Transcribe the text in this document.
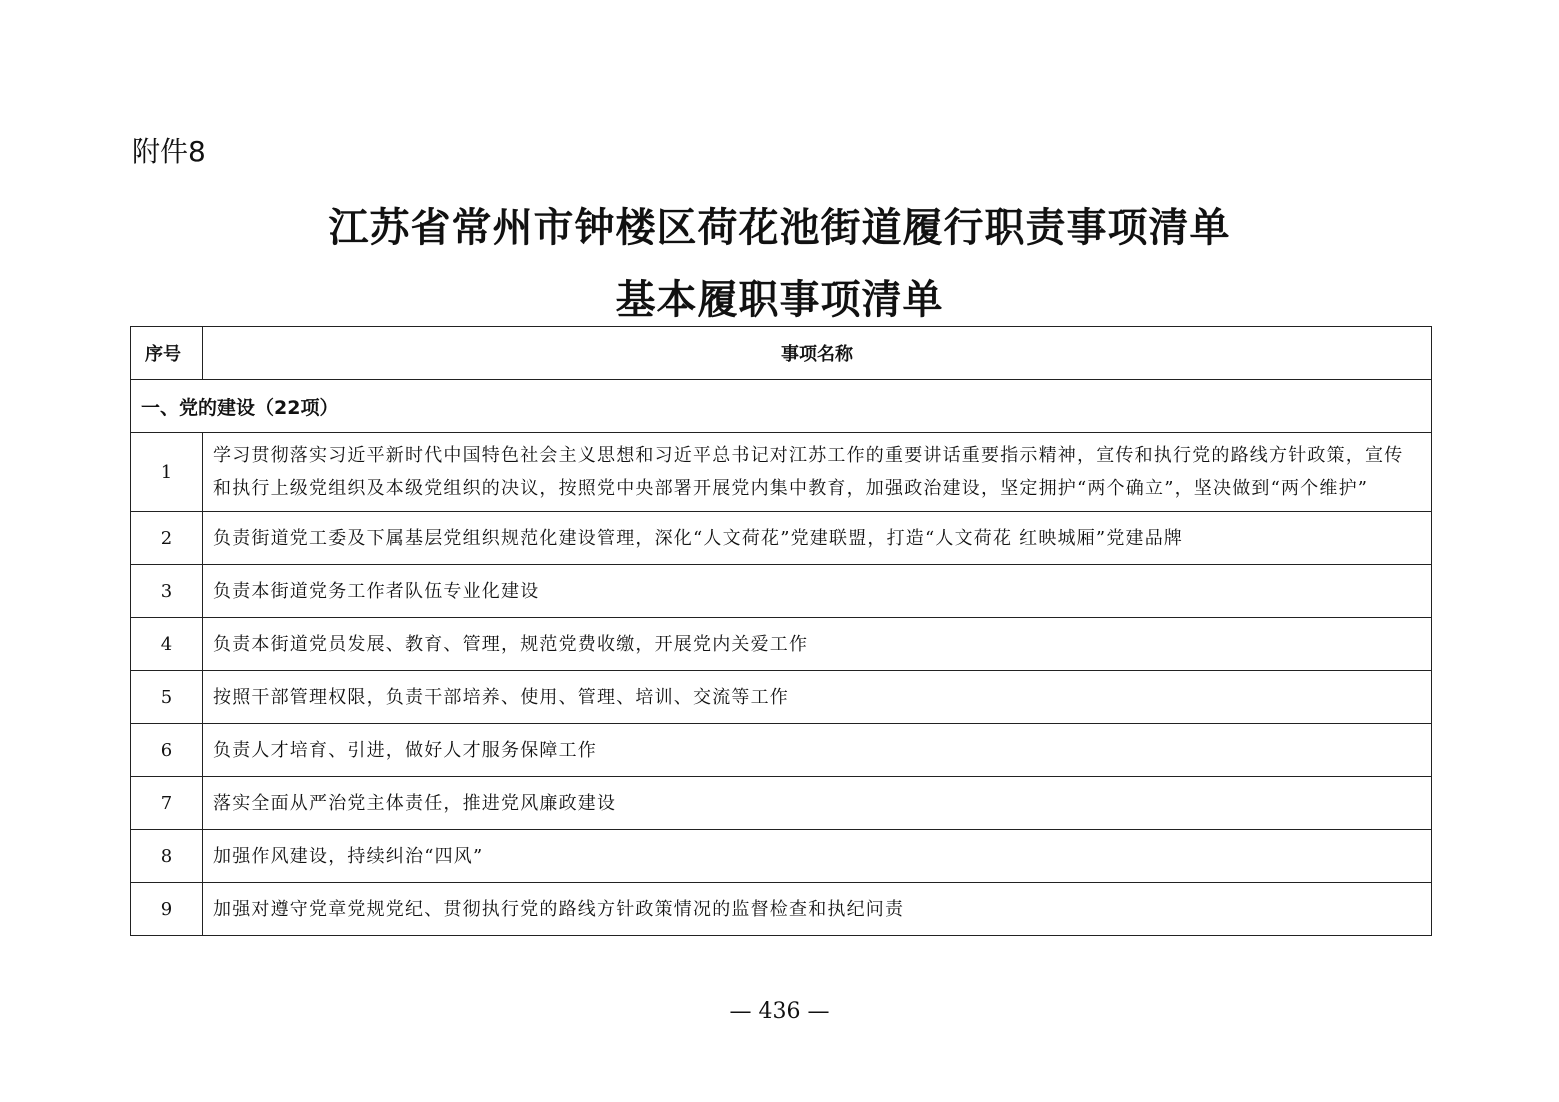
附件8
江苏省常州市钟楼区荷花池街道履行职责事项清单
基本履职事项清单
序号	事项名称
一、党的建设（22项）	
1	学习贯彻落实习近平新时代中国特色社会主义思想和习近平总书记对江苏工作的重要讲话重要指示精神，宣传和执行党的路线方针政策，宣传和执行上级党组织及本级党组织的决议，按照党中央部署开展党内集中教育，加强政治建设，坚定拥护“两个确立”，坚决做到“两个维护”
2	负责街道党工委及下属基层党组织规范化建设管理，深化“人文荷花”党建联盟，打造“人文荷花 红映城厢”党建品牌
3	负责本街道党务工作者队伍专业化建设
4	负责本街道党员发展、教育、管理，规范党费收缴，开展党内关爱工作
5	按照干部管理权限，负责干部培养、使用、管理、培训、交流等工作
6	负责人才培育、引进，做好人才服务保障工作
7	落实全面从严治党主体责任，推进党风廉政建设
8	加强作风建设，持续纠治“四风”
9	加强对遵守党章党规党纪、贯彻执行党的路线方针政策情况的监督检查和执纪问责
— 436 —
